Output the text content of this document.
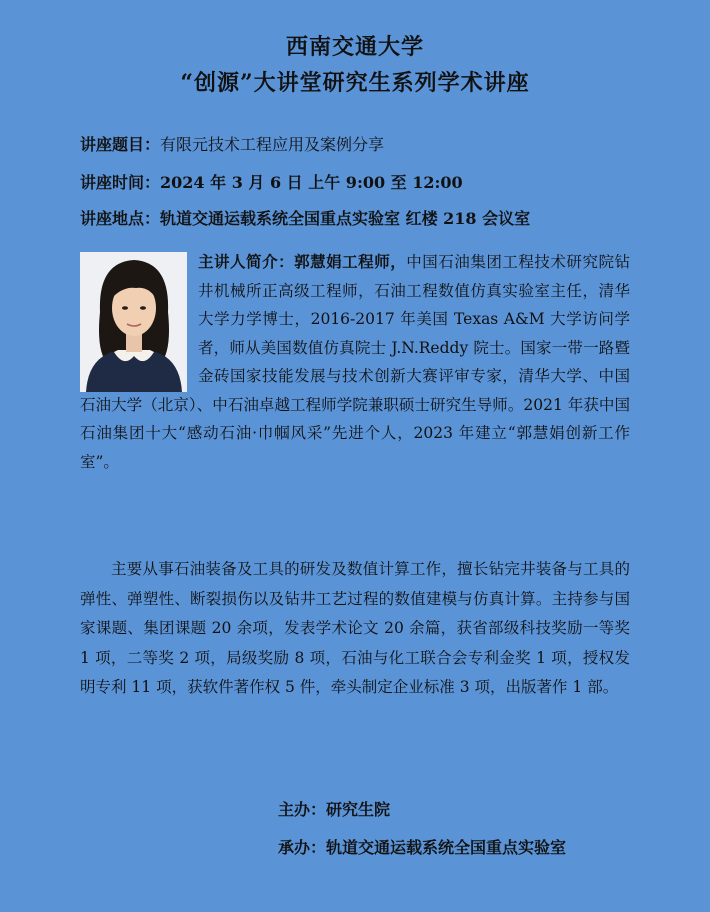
西南交通大学
“创源”大讲堂研究生系列学术讲座
讲座题目：有限元技术工程应用及案例分享
讲座时间：2024 年 3 月 6 日 上午 9:00 至 12:00
讲座地点：轨道交通运载系统全国重点实验室 红楼 218 会议室
主讲人简介：郭慧娟工程师，中国石油集团工程技术研究院钻井机械所正高级工程师，石油工程数值仿真实验室主任，清华大学力学博士，2016-2017 年美国 Texas A&M 大学访问学者，师从美国数值仿真院士 J.N.Reddy 院士。国家一带一路暨金砖国家技能发展与技术创新大赛评审专家，清华大学、中国石油大学（北京）、中石油卓越工程师学院兼职硕士研究生导师。2021 年获中国石油集团十大“感动石油·巾帼风采”先进个人，2023 年建立“郭慧娟创新工作室”。
主要从事石油装备及工具的研发及数值计算工作，擅长钻完井装备与工具的弹性、弹塑性、断裂损伤以及钻井工艺过程的数值建模与仿真计算。主持参与国家课题、集团课题 20 余项，发表学术论文 20 余篇，获省部级科技奖励一等奖 1 项，二等奖 2 项，局级奖励 8 项，石油与化工联合会专利金奖 1 项，授权发明专利 11 项，获软件著作权 5 件，牵头制定企业标准 3 项，出版著作 1 部。
主办：研究生院
承办：轨道交通运载系统全国重点实验室
